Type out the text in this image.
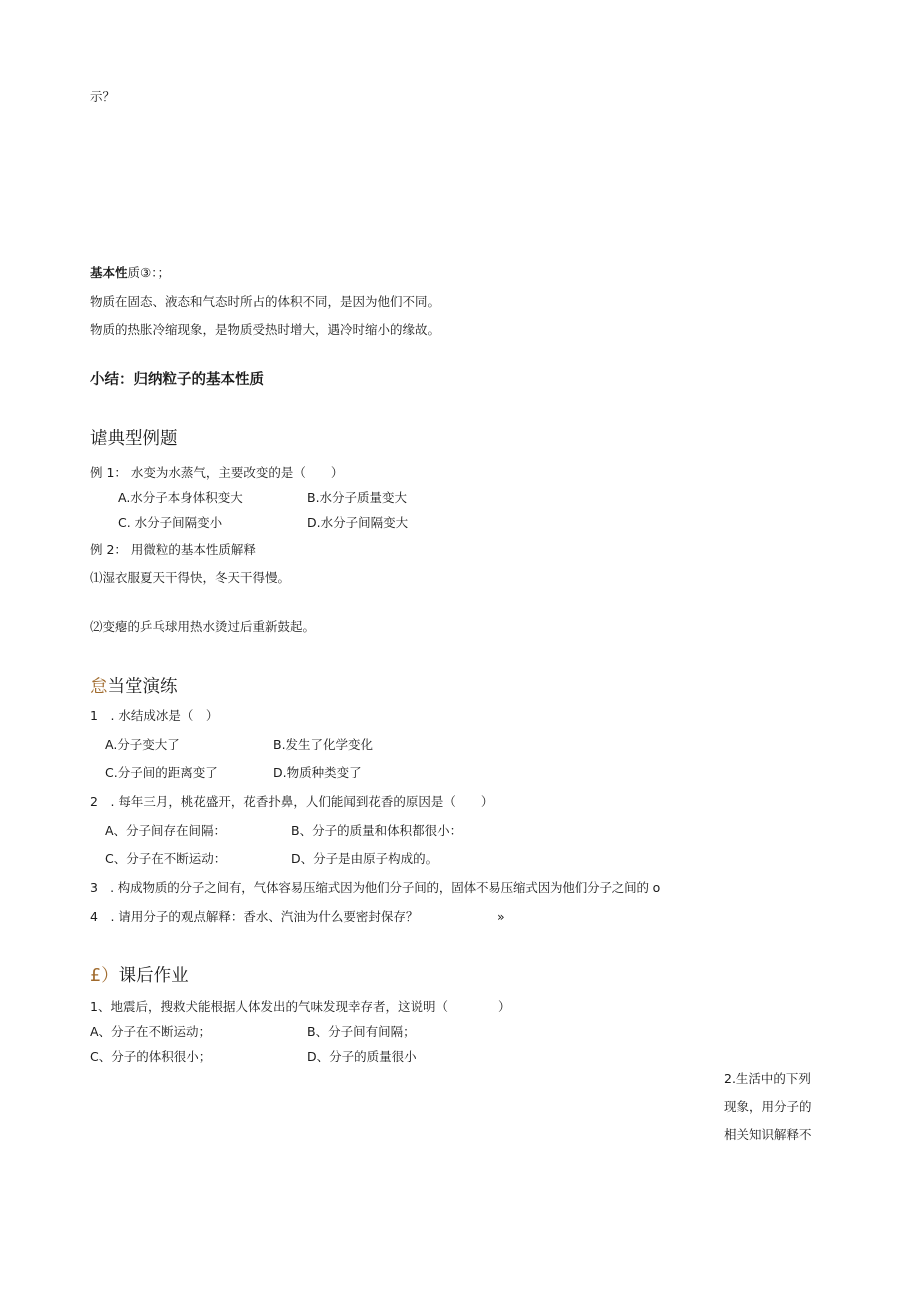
示？
基本性质③：；
物质在固态、液态和气态时所占的体积不同，是因为他们不同。
物质的热胀冷缩现象，是物质受热时增大，遇冷时缩小的缘故。
小结：归纳粒子的基本性质
谑典型例题
例 1： 水变为水蒸气，主要改变的是（　　）
A.水分子本身体积变大	B.水分子质量变大
C. 水分子间隔变小	D.水分子间隔变大
例 2： 用微粒的基本性质解释
⑴湿衣服夏天干得快，冬天干得慢。
⑵变瘪的乒乓球用热水烫过后重新鼓起。
怠当堂演练
1　. 水结成冰是（　）
A.分子变大了	B.发生了化学变化
C.分子间的距离变了	D.物质种类变了
2　. 每年三月，桃花盛开，花香扑鼻，人们能闻到花香的原因是（　　）
A、分子间存在间隔：	B、分子的质量和体积都很小：
C、分子在不断运动：	D、分子是由原子构成的。
3　. 构成物质的分子之间有，气体容易压缩式因为他们分子间的，固体不易压缩式因为他们分子之间的 o
4　. 请用分子的观点解释：香水、汽油为什么要密封保存？	»
£）课后作业
1、地震后，搜救犬能根据人体发出的气味发现幸存者，这说明（　　　　）
A、分子在不断运动；	B、分子间有间隔；
C、分子的体积很小；	D、分子的质量很小
2.生活中的下列
现象，用分子的
相关知识解释不
